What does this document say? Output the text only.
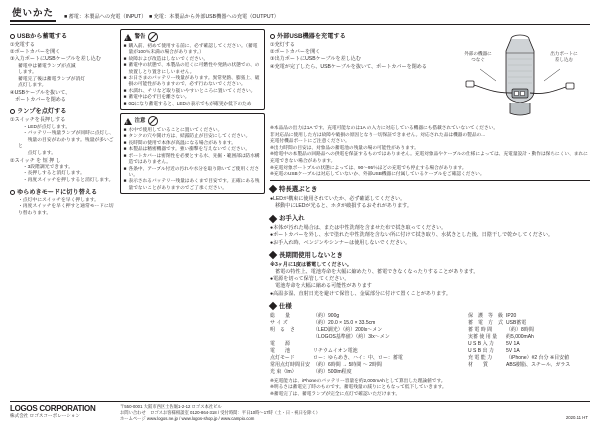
使いかた	■ 蓄電：本製品への充電（INPUT）　■ 充電：本製品から外部USB機器への充電（OUTPUT）
USBから蓄電する
①充電する
②ポートカバーを開く
③入力ポートにUSBケーブルを差し込む
蓄電中は蓄電ランプが点滅
します。
蓄電完了後は蓄電ランプが消灯
点灯します。
④USBケーブルを抜いて、
　ポートカバーを閉める
ランプを点灯する
①スイッチを長押しする
　・LEDが点灯します。
　・バッテリー残量ランプが同時に点灯し、
　　残量の目安がわかります。残量が多いごと
　　点灯します。
②スイッチ を 短 押 し
　・3段階調光できます。
　・長押しすると消灯します。
　・再度スイッチを押しすると消灯します。
ゆらめきモードに切り替える
・点灯中にスイッチを早く押します。
・再度スイッチを早く押すと通常モードに切り替わります。
!
警告
■ 購入前、初めて使用する前に、必ず確認してください。（蓄電量が100％未満の場合があります。）
■ 故障および改造はしないでください。
■ 蓄電中の状態で、本製品の近くに可燃性や発熱の状態での、の放置しとり置きにしいません。
■ お日さまのバッテリー残量があります。異常発熱、膨張上、破損の可能性がありますので、必ず行わないでください。
■ 水濡れ、チリなど取り扱いやすいところに置いてください。
■ 蓄電中は必ず目を離さない。
■ 0Ωになり蓄電すると、LEDの表示でもが確実か低下のため
!
注意
■ 水中で使用していることに置いてください。
■ タンクの穴や開け方は、結露防止が目安にしてください。
■ 長時間の使用で本体が高温になる場合があります。
■ 本製品は精密機器です。強い衝撃を与えないでください。
■ ポートカバーは密閉性を必要とする水、先掘・範囲部は防水構造ではありません。
■ 各条中、アーブル付近の汚れや水分を取り除いてご使用ください。
■ 表示されるバッテリー残量はあくまで目安です。正確にある残量でないことがありますのでご了承ください。
外部USB機器を充電する
①充灯する
②ポートカバーを開く
③出力ポートにUSBケーブルを差し込む
④充電が完了したら、USBケーブルを抜いて、ポートカバーを閉める
外部の機器に
つなぐ
出力ポートに
差し込む
※本品品の出力は1A です。充電可能なのは1A の入力に対応している機器にも搭載されていないてください。
非対応品に使用した方は故障や破損の原因となり一切保証できません。対応された品は機器の製品の...
充電付機品ポートにご注意ください。
※出力時間の目安は、対象品の蓄電池の残量の場の可能性があります。
※給電中の本製品の回路品への供電を保証するものではありません。充電対象品やケーブルの仕様によっては、充電量設計・動作は保ちにくい、まれに充電できない場合があります。
※充電対象ポートブルの状態によっては、90～95％ほどの充電でも停止する場合があります。
※充電のUSBケーブルは対応していないか、外部USB機器に付属しているケーブルをご確認ください。
特長選ぶとき
●LEDが構束に使用されていたか、必ず確認してください。
　移動中にLEDが光ると、ホタが破損するおそれがあります。
お手入れ
●本体が汚れた場合は、または中性洗剤を含ませた布で拭き取ってください。
●ポートカバーを外し、水で塗れた中性洗剤を含ない所に付けて拭き取り、水拭きとした後、日陰干しで乾かしてください。
●お手入れ時、ベンジンやシンナーは使用しないでください。
長期間使用しないとき
※3ヶ月に1度は蓄電してください。
　蓄電の特性上、電池寿命を大幅に縮めたり、蓄電できなくなったりすることがあります。
●電源を切って保管してください。
　電池寿命を大幅に縮める可能性があります
●高温多湿、直射日光を避けて保管し、金属部分に付けて置くことがあります。
仕様
総　　量	（約）900g	保　護　等　級	IP20
サ イ ズ	（約）20.0 × 15.0 × 33.5cm	蓄　電　方　式	USB蓄電
明　る　さ	（LED調光）（約）200lx～メン	蓄 電 時 間	（約）8時間
	（LOGOS基準値）（約）3lx～メン	実蓄 使 用 量	約5,000mAh
電　　源		U S B 入 力	5V 1A
電　　池	リチウムイオン電池	U S B 出 力	5V 1A
点灯モード	ロー：ゆらめき、ハイ：中、ロー：蓄電	充 電 能 力	（iPhone）#2 台分 ※目安値
常用点灯時間目安	（約）6時間 → 5時間 ～ 2時間	材　　質	ABS樹脂、スチール、ガラス
光 束（lm）	（約）500lm程度		
※充電能力は、iPhoneのバッテリー容量を約2,000mAhとして算出した理論値です。
※明るさは蓄電完了時のものです。蓄電残量の減りにともなって低下していきます。
※蓄電完了は、蓄電ランプが完全に点灯で確認いただけます。
LOGOS CORPORATION
株式会社 ロゴスコーポレーション
〒550-0001 大阪市西区土佐堀1-2-12 ロゴス本社ビル
お問い合わせ　ロゴスお客様相談室 0120-864-318 / 受付時間：平日10時～17時（土・日・祝日を除く）
ホームページ www.logos.ne.jp / www.logos-shop.jp / www.campio.com	2020.11 HT
